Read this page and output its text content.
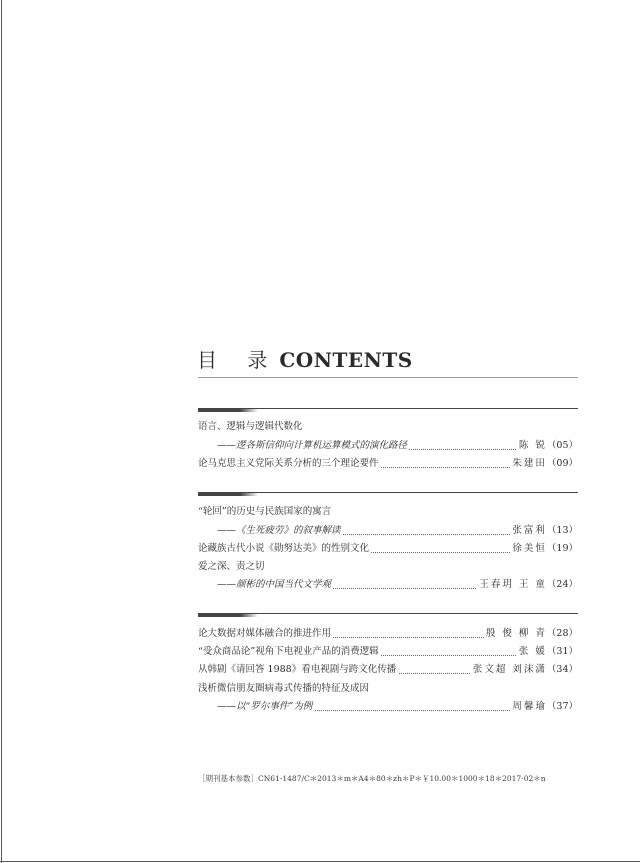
目 录CONTENTS
语言、逻辑与逻辑代数化
——逻各斯信仰向计算机运算模式的演化路径	陈 锐（05）
论马克思主义党际关系分析的三个理论要件	朱建田（09）
“轮回”的历史与民族国家的寓言
——《生死疲劳》的叙事解读	张富利（13）
论藏族古代小说《勋努达美》的性别文化	徐美恒（19）
爱之深、责之切
——颜彬的中国当代文学观	王春玥 王 童（24）
论大数据对媒体融合的推进作用	殷 俊 柳 青（28）
“受众商品论”视角下电视业产品的消费逻辑	张 媛（31）
从韩剧《请回答 1988》看电视剧与跨文化传播	张文超 刘沫潇（34）
浅析微信朋友圈病毒式传播的特征及成因
——以“罗尔事件”为例	周馨瑜（37）
［期刊基本参数］CN61-1487/C＊2013＊m＊A4＊80＊zh＊P＊￥10.00＊1000＊18＊2017-02＊n
